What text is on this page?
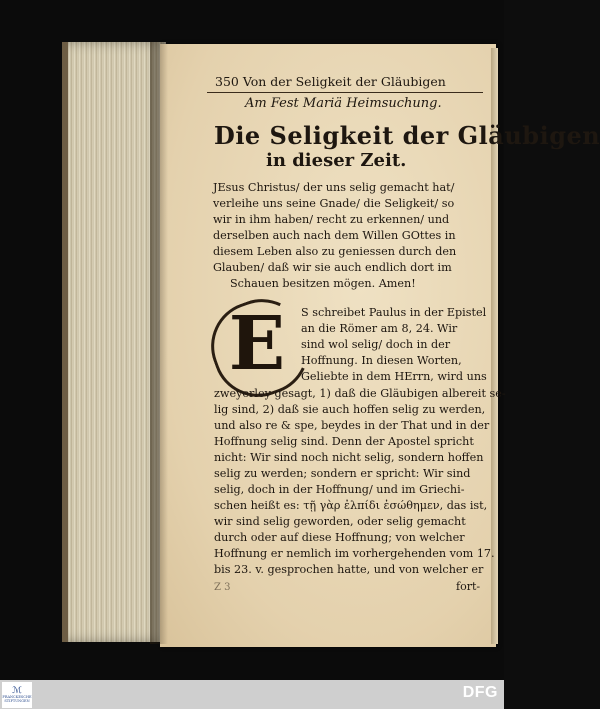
350 Von der Seligkeit der Gläubigen
Am Fest Mariä Heimsuchung.
Die Seligkeit der Gläubigen
in dieser Zeit.
JEsus Christus/ der uns selig gemacht hat/
verleihe uns seine Gnade/ die Seligkeit/ so
wir in ihm haben/ recht zu erkennen/ und
derselben auch nach dem Willen GOttes in
diesem Leben also zu geniessen durch den
Glauben/ daß wir sie auch endlich dort im
Schauen besitzen mögen. Amen!
E S schreibet Paulus in der Epistel
an die Römer am 8, 24. Wir
sind wol selig/ doch in der
Hoffnung. In diesen Worten,
Geliebte in dem HErrn, wird uns
zweyerley gesagt, 1) daß die Gläubigen albereit se-
lig sind, 2) daß sie auch hoffen selig zu werden,
und also re & spe, beydes in der That und in der
Hoffnung selig sind. Denn der Apostel spricht
nicht: Wir sind noch nicht selig, sondern hoffen
selig zu werden; sondern er spricht: Wir sind
selig, doch in der Hoffnung/ und im Griechi-
schen heißt es: τῇ γὰρ ἐλπίδι ἐσώθημεν, das ist,
wir sind selig geworden, oder selig gemacht
durch oder auf diese Hoffnung; von welcher
Hoffnung er nemlich im vorhergehenden vom 17.
bis 23. v. gesprochen hatte, und von welcher er
Z 3	fort-
ℳ
FRANCKESCHE
STIFTUNGEN	DFG
